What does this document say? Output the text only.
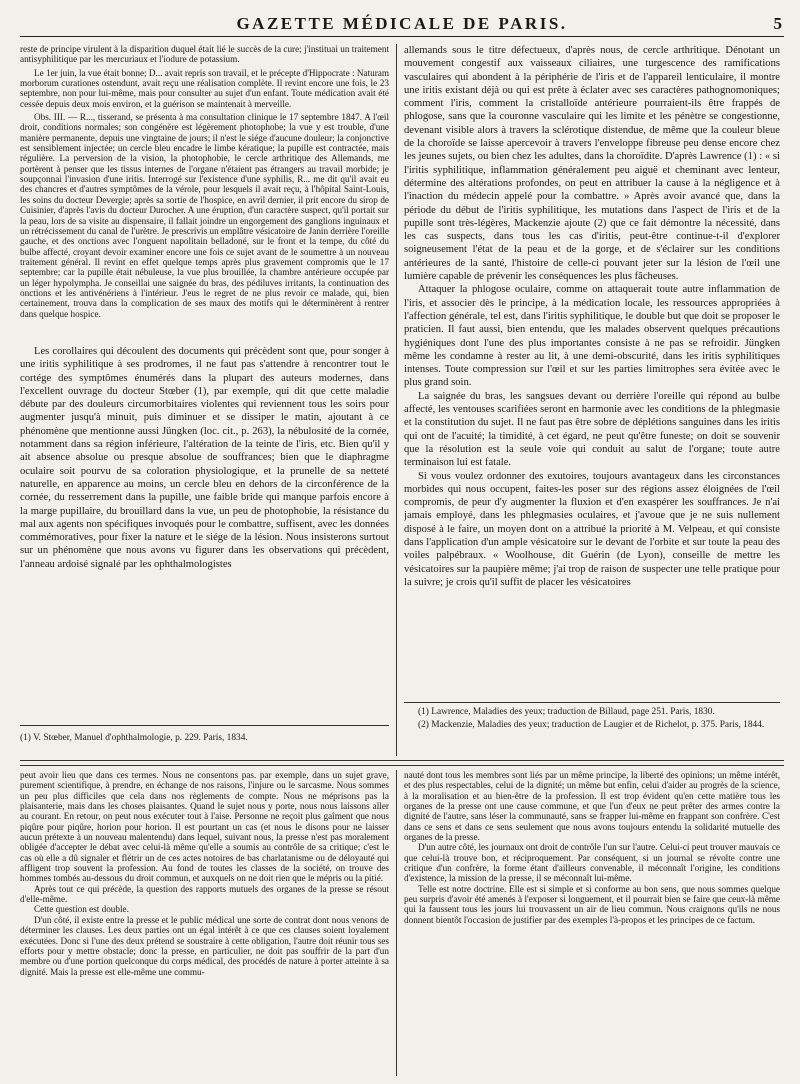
GAZETTE MÉDICALE DE PARIS.	5

reste de principe virulent à la disparition duquel était lié le succès de la cure; j'instituai un traitement antisyphilitique par les mercuriaux et l'iodure de potassium.

Le 1er juin, la vue était bonne; D... avait repris son travail, et le précepte d'Hippocrate : Naturam morborum curationes ostendunt, avait reçu une réalisation complète. Il revint encore une fois, le 23 septembre, non pour lui-même, mais pour consulter au sujet d'un enfant. Toute médication avait été cessée depuis deux mois environ, et la guérison se maintenait à merveille.

Obs. III. — R..., tisserand, se présenta à ma consultation clinique le 17 septembre 1847. A l'œil droit, conditions normales; son congénère est légèrement photophobe; la vue y est trouble, d'une manière permanente, depuis une vingtaine de jours; il n'est le siége d'aucune douleur; la conjonctive est sensiblement injectée; un cercle bleu encadre le limbe kératique; la pupille est contractée, mais régulière. La perversion de la vision, la photophobie, le cercle arthritique des Allemands, me portèrent à penser que les tissus internes de l'organe n'étaient pas étrangers au travail morbide; je soupçonnai l'invasion d'une iritis. Interrogé sur l'existence d'une syphilis, R... me dit qu'il avait eu des chancres et d'autres symptômes de la vérole, pour lesquels il avait reçu, à l'hôpital Saint-Louis, les soins du docteur Devergie; après sa sortie de l'hospice, en avril dernier, il prit encore du sirop de Cuisinier, d'après l'avis du docteur Durocher. A une éruption, d'un caractère suspect, qu'il portait sur la peau, lors de sa visite au dispensaire, il fallait joindre un engorgement des ganglions inguinaux et un rétrécissement du canal de l'urètre. Je prescrivis un emplâtre vésicatoire de Janin derrière l'oreille gauche, et des onctions avec l'onguent napolitain belladoné, sur le front et la tempe, du côté du bulbe affecté, croyant devoir examiner encore une fois ce sujet avant de le soumettre à un nouveau traitement général. Il revint en effet quelque temps après plus gravement compromis que le 17 septembre; car la pupille était nébuleuse, la vue plus brouillée, la chambre antérieure occupée par un léger hypolympha. Je conseillai une saignée du bras, des pédiluves irritants, la continuation des onctions et les antivénériens à l'intérieur. J'eus le regret de ne plus revoir ce malade, qui, bien certainement, trouva dans la complication de ses maux des motifs qui le déterminèrent à rentrer dans quelque hospice.

Les corollaires qui découlent des documents qui précèdent sont que, pour songer à une iritis syphilitique à ses prodromes, il ne faut pas s'attendre à rencontrer tout le cortége des symptômes énumérés dans la plupart des auteurs modernes, dans l'excellent ouvrage du docteur Stœber (1), par exemple, qui dit que cette maladie débute par des douleurs circumorbitaires violentes qui reviennent tous les soirs pour augmenter jusqu'à minuit, puis diminuer et se dissiper le matin, ajoutant à ce phénomène que mentionne aussi Jüngken (loc. cit., p. 263), la nébulosité de la cornée, notamment dans sa région inférieure, l'altération de la teinte de l'iris, etc. Bien qu'il y ait absence absolue ou presque absolue de souffrances; bien que le diaphragme oculaire soit pourvu de sa coloration physiologique, et la prunelle de sa netteté naturelle, en apparence au moins, un cercle bleu en dehors de la circonférence de la cornée, du resserrement dans la pupille, une faible bride qui manque parfois encore à la marge pupillaire, du brouillard dans la vue, un peu de photophobie, la résistance du mal aux agents non spécifiques invoqués pour le combattre, suffisent, avec les données commémoratives, pour fixer la nature et le siége de la lésion. Nous insisterons surtout sur un phénomène que nous avons vu figurer dans les observations qui précèdent, l'anneau ardoisé signalé par les ophthalmologistes

(1) V. Stœber, Manuel d'ophthalmologie, p. 229. Paris, 1834.

allemands sous le titre défectueux, d'après nous, de cercle arthritique. Dénotant un mouvement congestif aux vaisseaux ciliaires, une turgescence des ramifications vasculaires qui abondent à la périphérie de l'iris et de l'appareil lenticulaire, il montre une iritis existant déjà ou qui est prête à éclater avec ses caractères pathognomoniques; comment l'iris, comment la cristalloïde antérieure pourraient-ils être frappés de phlogose, sans que la couronne vasculaire qui les limite et les pénètre se congestionne, devenant visible alors à travers la sclérotique distendue, de même que la couleur bleue de la choroïde se laisse apercevoir à travers l'enveloppe fibreuse peu dense encore chez les jeunes sujets, ou bien chez les adultes, dans la choroïdite. D'après Lawrence (1) : « si l'iritis syphilitique, inflammation généralement peu aiguë et cheminant avec lenteur, détermine des altérations profondes, on peut en attribuer la cause à la négligence et à l'inaction du médecin appelé pour la combattre. » Après avoir avancé que, dans la période du début de l'iritis syphilitique, les mutations dans l'aspect de l'iris et de la pupille sont très-légères, Mackenzie ajoute (2) que ce fait démontre la nécessité, dans les cas suspects, dans tous les cas d'iritis, peut-être continue-t-il d'explorer soigneusement l'état de la peau et de la gorge, et de s'éclairer sur les conditions antérieures de la santé, l'histoire de celle-ci pouvant jeter sur la lésion de l'œil une lumière capable de prévenir les conséquences les plus fâcheuses.

Attaquer la phlogose oculaire, comme on attaquerait toute autre inflammation de l'iris, et associer dès le principe, à la médication locale, les ressources appropriées à l'affection générale, tel est, dans l'iritis syphilitique, le double but que doit se proposer le praticien. Il faut aussi, bien entendu, que les malades observent quelques précautions hygiéniques dont l'une des plus importantes consiste à ne pas se refroidir. Jüngken même les condamne à rester au lit, à une demi-obscurité, dans les iritis syphilitiques intenses. Toute compression sur l'œil et sur les parties limitrophes sera évitée avec le plus grand soin.

La saignée du bras, les sangsues devant ou derrière l'oreille qui répond au bulbe affecté, les ventouses scarifiées seront en harmonie avec les conditions de la phlegmasie et la constitution du sujet. Il ne faut pas être sobre de déplétions sanguines dans les iritis qui ont de l'acuité; la timidité, à cet égard, ne peut qu'être funeste; on doit se souvenir que la résolution est la seule voie qui conduit au salut de l'organe; toute autre terminaison lui est fatale.

Si vous voulez ordonner des exutoires, toujours avantageux dans les circonstances morbides qui nous occupent, faites-les poser sur des régions assez éloignées de l'œil compromis, de peur d'y augmenter la fluxion et d'en exaspérer les souffrances. Je n'ai jamais employé, dans les phlegmasies oculaires, et j'avoue que je ne suis nullement disposé à le faire, un moyen dont on a attribué la priorité à M. Velpeau, et qui consiste dans l'application d'un ample vésicatoire sur le devant de l'orbite et sur toute la peau des voiles palpébraux. « Woolhouse, dit Guérin (de Lyon), conseille de mettre les vésicatoires sur la paupière même; j'ai trop de raison de suspecter une telle pratique pour la suivre; je crois qu'il suffit de placer les vésicatoires

(1) Lawrence, Maladies des yeux; traduction de Billaud, page 251. Paris, 1830.

(2) Mackenzie, Maladies des yeux; traduction de Laugier et de Richelot, p. 375. Paris, 1844.

peut avoir lieu que dans ces termes. Nous ne consentons pas. par exemple, dans un sujet grave, purement scientifique, à prendre, en échange de nos raisons, l'injure ou le sarcasme. Nous sommes un peu plus difficiles que cela dans nos règlements de compte. Nous ne méprisons pas la plaisanterie, mais dans les choses plaisantes. Quand le sujet nous y porte, nous nous laissons aller au courant. En retour, on peut nous exécuter tout à l'aise. Personne ne reçoit plus gaîment que nous piqûre pour piqûre, horion pour horion. Il est pourtant un cas (et nous le disons pour ne laisser aucun prétexte à un nouveau malentendu) dans lequel, suivant nous, la presse n'est pas moralement obligée d'accepter le débat avec celui-là même qu'elle a soumis au contrôle de sa critique; c'est le cas où elle a dû signaler et flétrir un de ces actes notoires de bas charlatanisme ou de déloyauté qui affligent trop souvent la profession. Au fond de toutes les classes de la société, on trouve des hommes tombés au-dessous du droit commun, et auxquels on ne doit rien que le mépris ou la pitié.

Après tout ce qui précède, la question des rapports mutuels des organes de la presse se résout d'elle-même.

Cette question est double.

D'un côté, il existe entre la presse et le public médical une sorte de contrat dont nous venons de déterminer les clauses. Les deux parties ont un égal intérêt à ce que ces clauses soient loyalement exécutées. Donc si l'une des deux prétend se soustraire à cette obligation, l'autre doit réunir tous ses efforts pour y mettre obstacle; donc la presse, en particulier, ne doit pas souffrir de la part d'un membre ou d'une portion quelconque du corps médical, des procédés de nature à porter atteinte à sa dignité. Mais la presse est elle-même une commu-

nauté dont tous les membres sont liés par un même principe, la liberté des opinions; un même intérêt, et des plus respectables, celui de la dignité; un même but enfin, celui d'aider au progrès de la science, à la moralisation et au bien-être de la profession. Il est trop évident qu'en cette matière tous les organes de la presse ont une cause commune, et que l'un d'eux ne peut prêter des armes contre la dignité de l'autre, sans léser la communauté, sans se frapper lui-même en frappant son confrère. C'est dans ce sens et dans ce sens seulement que nous avons toujours entendu la solidarité mutuelle des organes de la presse.

D'un autre côté, les journaux ont droit de contrôle l'un sur l'autre. Celui-ci peut trouver mauvais ce que celui-là trouve bon, et réciproquement. Par conséquent, si un journal se révolte contre une critique d'un confrère, la forme étant d'ailleurs convenable, il méconnaît l'origine, les conditions d'existence, la mission de la presse, il se méconnaît lui-même.

Telle est notre doctrine. Elle est si simple et si conforme au bon sens, que nous sommes quelque peu surpris d'avoir été amenés à l'exposer si longuement, et il pourrait bien se faire que ceux-là même qui la faussent tous les jours lui trouvassent un air de lieu commun. Nous craignons qu'ils ne nous donnent bientôt l'occasion de justifier par des exemples l'à-propos et les principes de ce factum.
